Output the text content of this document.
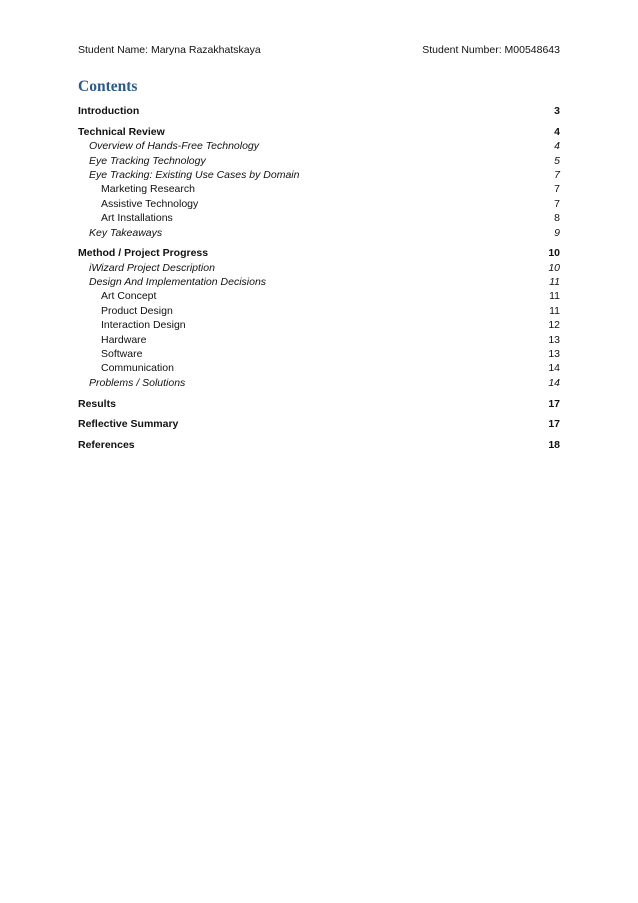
Student Name: Maryna Razakhatskaya	Student Number: M00548643
Contents
Introduction	3
Technical Review	4
Overview of Hands-Free Technology	4
Eye Tracking Technology	5
Eye Tracking: Existing Use Cases by Domain	7
Marketing Research	7
Assistive Technology	7
Art Installations	8
Key Takeaways	9
Method / Project Progress	10
iWizard Project Description	10
Design And Implementation Decisions	11
Art Concept	11
Product Design	11
Interaction Design	12
Hardware	13
Software	13
Communication	14
Problems / Solutions	14
Results	17
Reflective Summary	17
References	18
